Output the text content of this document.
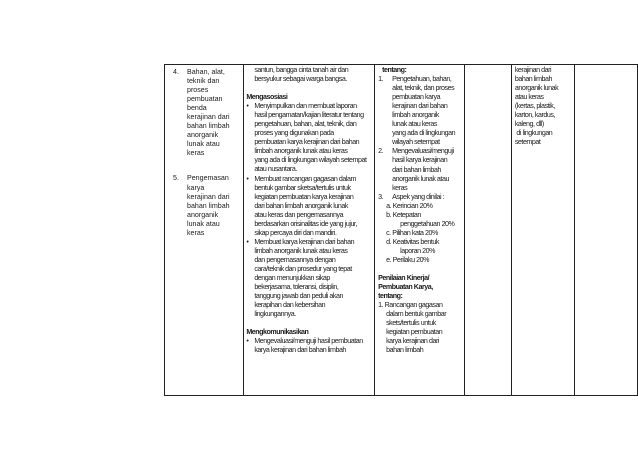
4.	Bahan, alat,
teknik dan
proses
pembuatan
benda
kerajinan dari
bahan limbah
anorganik
lunak atau
keras
5.	Pengemasan
karya
kerajinan dari
bahan limbah
anorganik
lunak atau
keras

santun, bangga cinta tanah air dan
bersyukur sebagai warga bangsa.
Mengasosiasi
• Menyimpulkan dan membuat laporan
hasil pengamatan/kajian literatur tentang
pengetahuan, bahan, alat, teknik, dan
proses yang digunakan pada
pembuatan karya kerajinan dari bahan
limbah anorganik lunak atau keras
yang ada di lingkungan wilayah setempat
atau nusantara.
• Membuat rancangan gagasan dalam
bentuk gambar sketsa/tertulis untuk
kegiatan pembuatan karya kerajinan
dari bahan limbah anorganik lunak
atau keras dan pengemasannya
berdasarkan orisinalitas ide yang jujur,
sikap percaya diri dan mandiri.
• Membuat karya kerajinan dari bahan
limbah anorganik lunak atau keras
dan pengemasannya dengan
cara/teknik dan prosedur yang tepat
dengan menunjukkan sikap
bekerjasama, toleransi, disiplin,
tanggung jawab dan peduli akan
kerapihan dan kebersihan
lingkungannya.
Mengkomunikasikan
• Mengevaluasi/menguji hasil pembuatan
karya kerajinan dari bahan limbah

tentang:
1.	Pengetahuan, bahan,
alat, teknik, dan proses
pembuatan karya
kerajinan dari bahan
limbah anorganik
lunak atau keras
yang ada di lingkungan
wilayah setempat
2.	Mengevaluasi/menguji
hasil karya kerajinan
dari bahan limbah
anorganik lunak atau
keras
3.	Aspek yang dinilai :
a. Kerincian 20%
b. Ketepatan
penggetahuan 20%
c. Pilihan kata 20%
d. Keativitas bentuk
laporan 20%
e. Perilaku 20%
Penilaian Kinerja/
Pembuatan Karya,
tentang:
1. Rancangan gagasan
dalam bentuk gambar
skets/tertulis untuk
kegiatan pembuatan
karya kerajinan dari
bahan limbah

kerajinan dari
bahan limbah
anorganik lunak
atau keras
(kertas, plastik,
karton, kardus,
kaleng, dll)
di lingkungan
setempat
